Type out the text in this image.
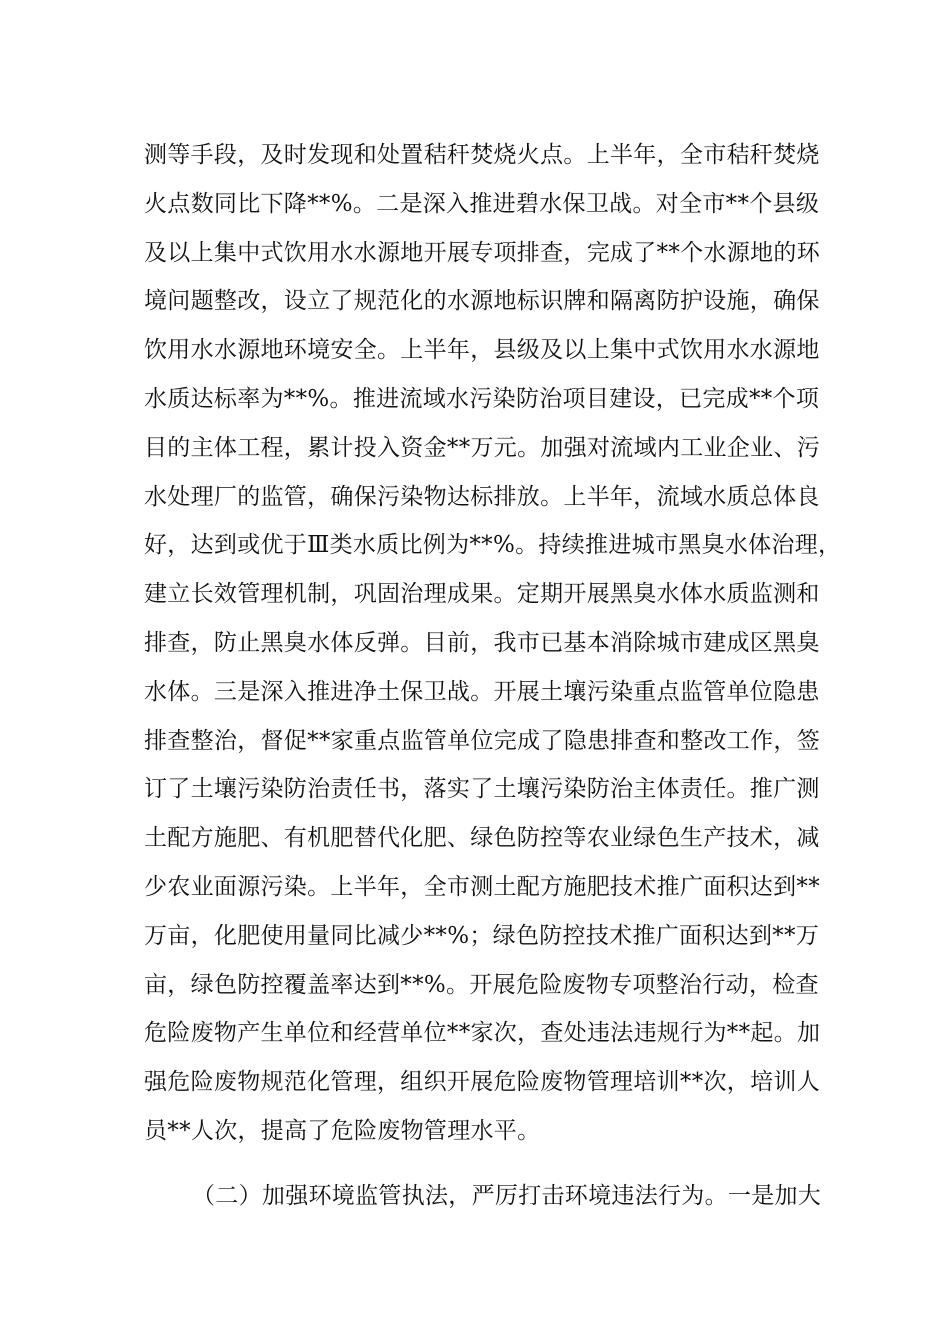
测等手段，及时发现和处置秸秆焚烧火点。上半年，全市秸秆焚烧
火点数同比下降**%。二是深入推进碧水保卫战。对全市**个县级
及以上集中式饮用水水源地开展专项排查，完成了**个水源地的环
境问题整改，设立了规范化的水源地标识牌和隔离防护设施，确保
饮用水水源地环境安全。上半年，县级及以上集中式饮用水水源地
水质达标率为**%。推进流域水污染防治项目建设，已完成**个项
目的主体工程，累计投入资金**万元。加强对流域内工业企业、污
水处理厂的监管，确保污染物达标排放。上半年，流域水质总体良
好，达到或优于Ⅲ类水质比例为**%。持续推进城市黑臭水体治理，
建立长效管理机制，巩固治理成果。定期开展黑臭水体水质监测和
排查，防止黑臭水体反弹。目前，我市已基本消除城市建成区黑臭
水体。三是深入推进净土保卫战。开展土壤污染重点监管单位隐患
排查整治，督促**家重点监管单位完成了隐患排查和整改工作，签
订了土壤污染防治责任书，落实了土壤污染防治主体责任。推广测
土配方施肥、有机肥替代化肥、绿色防控等农业绿色生产技术，减
少农业面源污染。上半年，全市测土配方施肥技术推广面积达到**
万亩，化肥使用量同比减少**%；绿色防控技术推广面积达到**万
亩，绿色防控覆盖率达到**%。开展危险废物专项整治行动，检查
危险废物产生单位和经营单位**家次，查处违法违规行为**起。加
强危险废物规范化管理，组织开展危险废物管理培训**次，培训人
员**人次，提高了危险废物管理水平。
（二）加强环境监管执法，严厉打击环境违法行为。一是加大
